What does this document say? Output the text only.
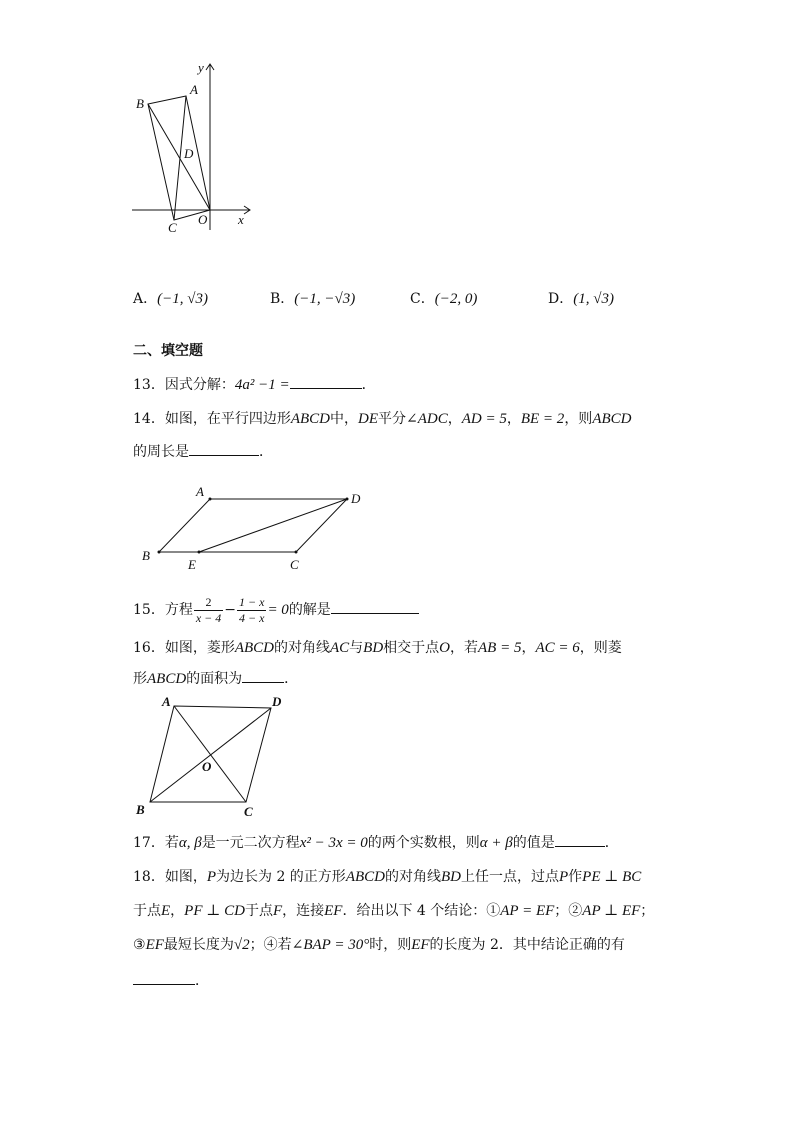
y
x
A
B
C
D
O
A．(−1, √3)	B．(−1, −√3)	C．(−2, 0)	D．(1, √3)
二、填空题
13．因式分解：4a² −1 =	．
14．如图，在平行四边形ABCD中，DE平分∠ADC，AD = 5，BE = 2，则ABCD
的周长是	．
A	D
B
E	C
15．方程 $\frac{2}{x - 4} - \frac{1 - x}{4 - x} = 0$的解是
16．如图，菱形ABCD的对角线AC与BD相交于点O，若AB = 5，AC = 6，则菱
形ABCD的面积为	．
A	D
B	C
O
17．若α, β是一元二次方程x² − 3x = 0的两个实数根，则α + β的值是	．
18．如图，P为边长为 2 的正方形ABCD的对角线BD上任一点，过点P作PE ⊥ BC
于点E，PF ⊥ CD于点F，连接EF．给出以下 4 个结论：①AP = EF；②AP ⊥ EF；
③EF最短长度为√2；④若∠BAP = 30°时，则EF的长度为 2．其中结论正确的有
．
